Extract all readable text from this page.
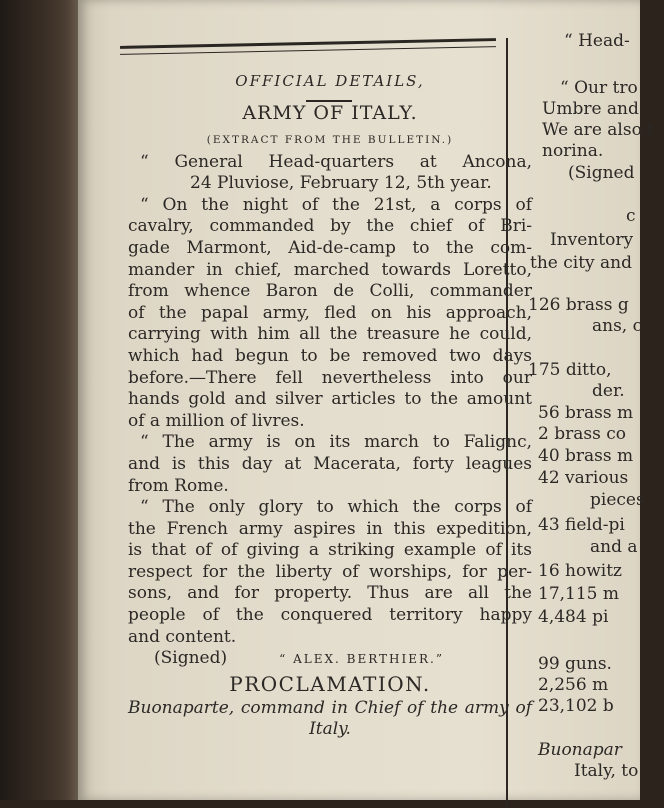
OFFICIAL DETAILS,
ARMY OF ITALY.
(EXTRACT FROM THE BULLETIN.)
“ General Head-quarters at Ancona,
24 Pluviose, February 12, 5th year.
“ On the night of the 21st, a corps of
cavalry, commanded by the chief of Bri-
gade Marmont, Aid-de-camp to the com-
mander in chief, marched towards Loretto,
from whence Baron de Colli, commander
of the papal army, fled on his approach,
carrying with him all the treasure he could,
which had begun to be removed two days
before.—There fell nevertheless into our
hands gold and silver articles to the amount
of a million of livres.
“ The army is on its march to Falignc,
and is this day at Macerata, forty leagues
from Rome.
“ The only glory to which the corps of
the French army aspires in this expedition,
is that of of giving a striking example of its
respect for the liberty of worships, for per-
sons, and for property. Thus are all the
people of the conquered territory happy
and content.
(Signed)	“ ALEX. BERTHIER.”
PROCLAMATION.
Buonaparte, command in Chief of the army of
Italy.
“ Head-
“ Our tro
Umbre and
We are also t
norina.
(Signed
c
Inventory
the city and
126 brass g
ans, c
175 ditto,
der.
56 brass m
2 brass co
40 brass m
42 various
pieces
43 field-pi
and a
16 howitz
17,115 m
4,484 pi
99 guns.
2,256 m
23,102 b
Buonapar
Italy, to
